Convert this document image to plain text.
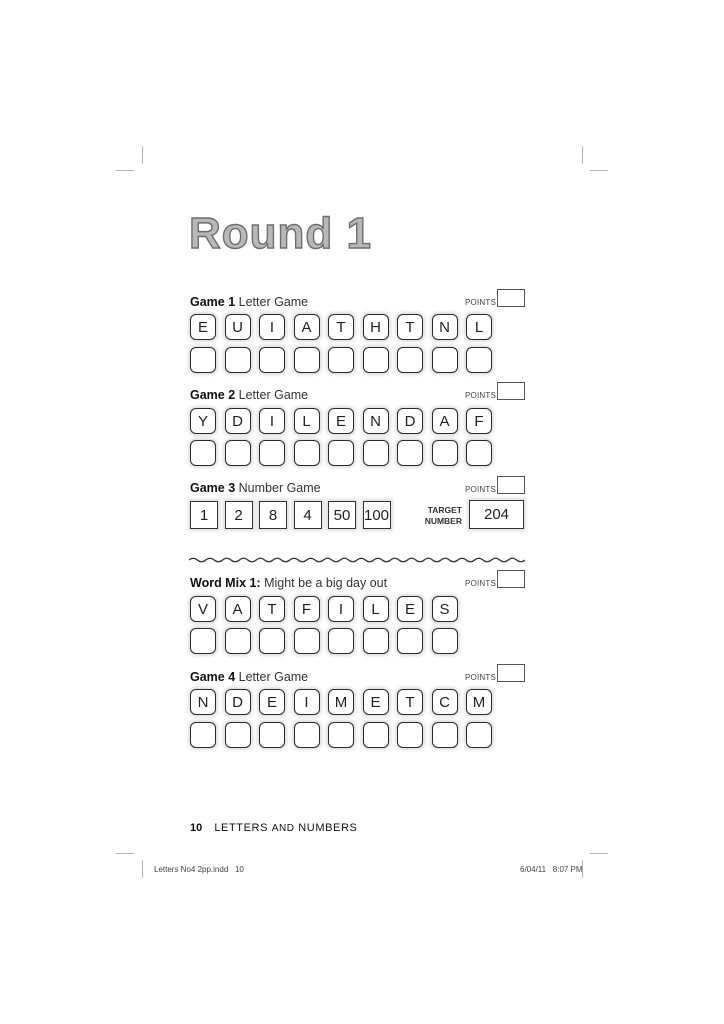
Round 1
Game 1 Letter Game	POINTS
E	U	I	A	T	H	T	N	L
Game 2 Letter Game	POINTS
Y	D	I	L	E	N	D	A	F
Game 3 Number Game	POINTS
1	2	8	4	50 100	TARGET
NUMBER	204
Word Mix 1: Might be a big day out	POINTS
V	A	T	F	I	L	E	S
Game 4 Letter Game	POINTS
N	D	E	I	M	E	T	C	M
10 LETTERS AND NUMBERS
Letters No4 2pp.indd   10	6/04/11   8:07 PM
